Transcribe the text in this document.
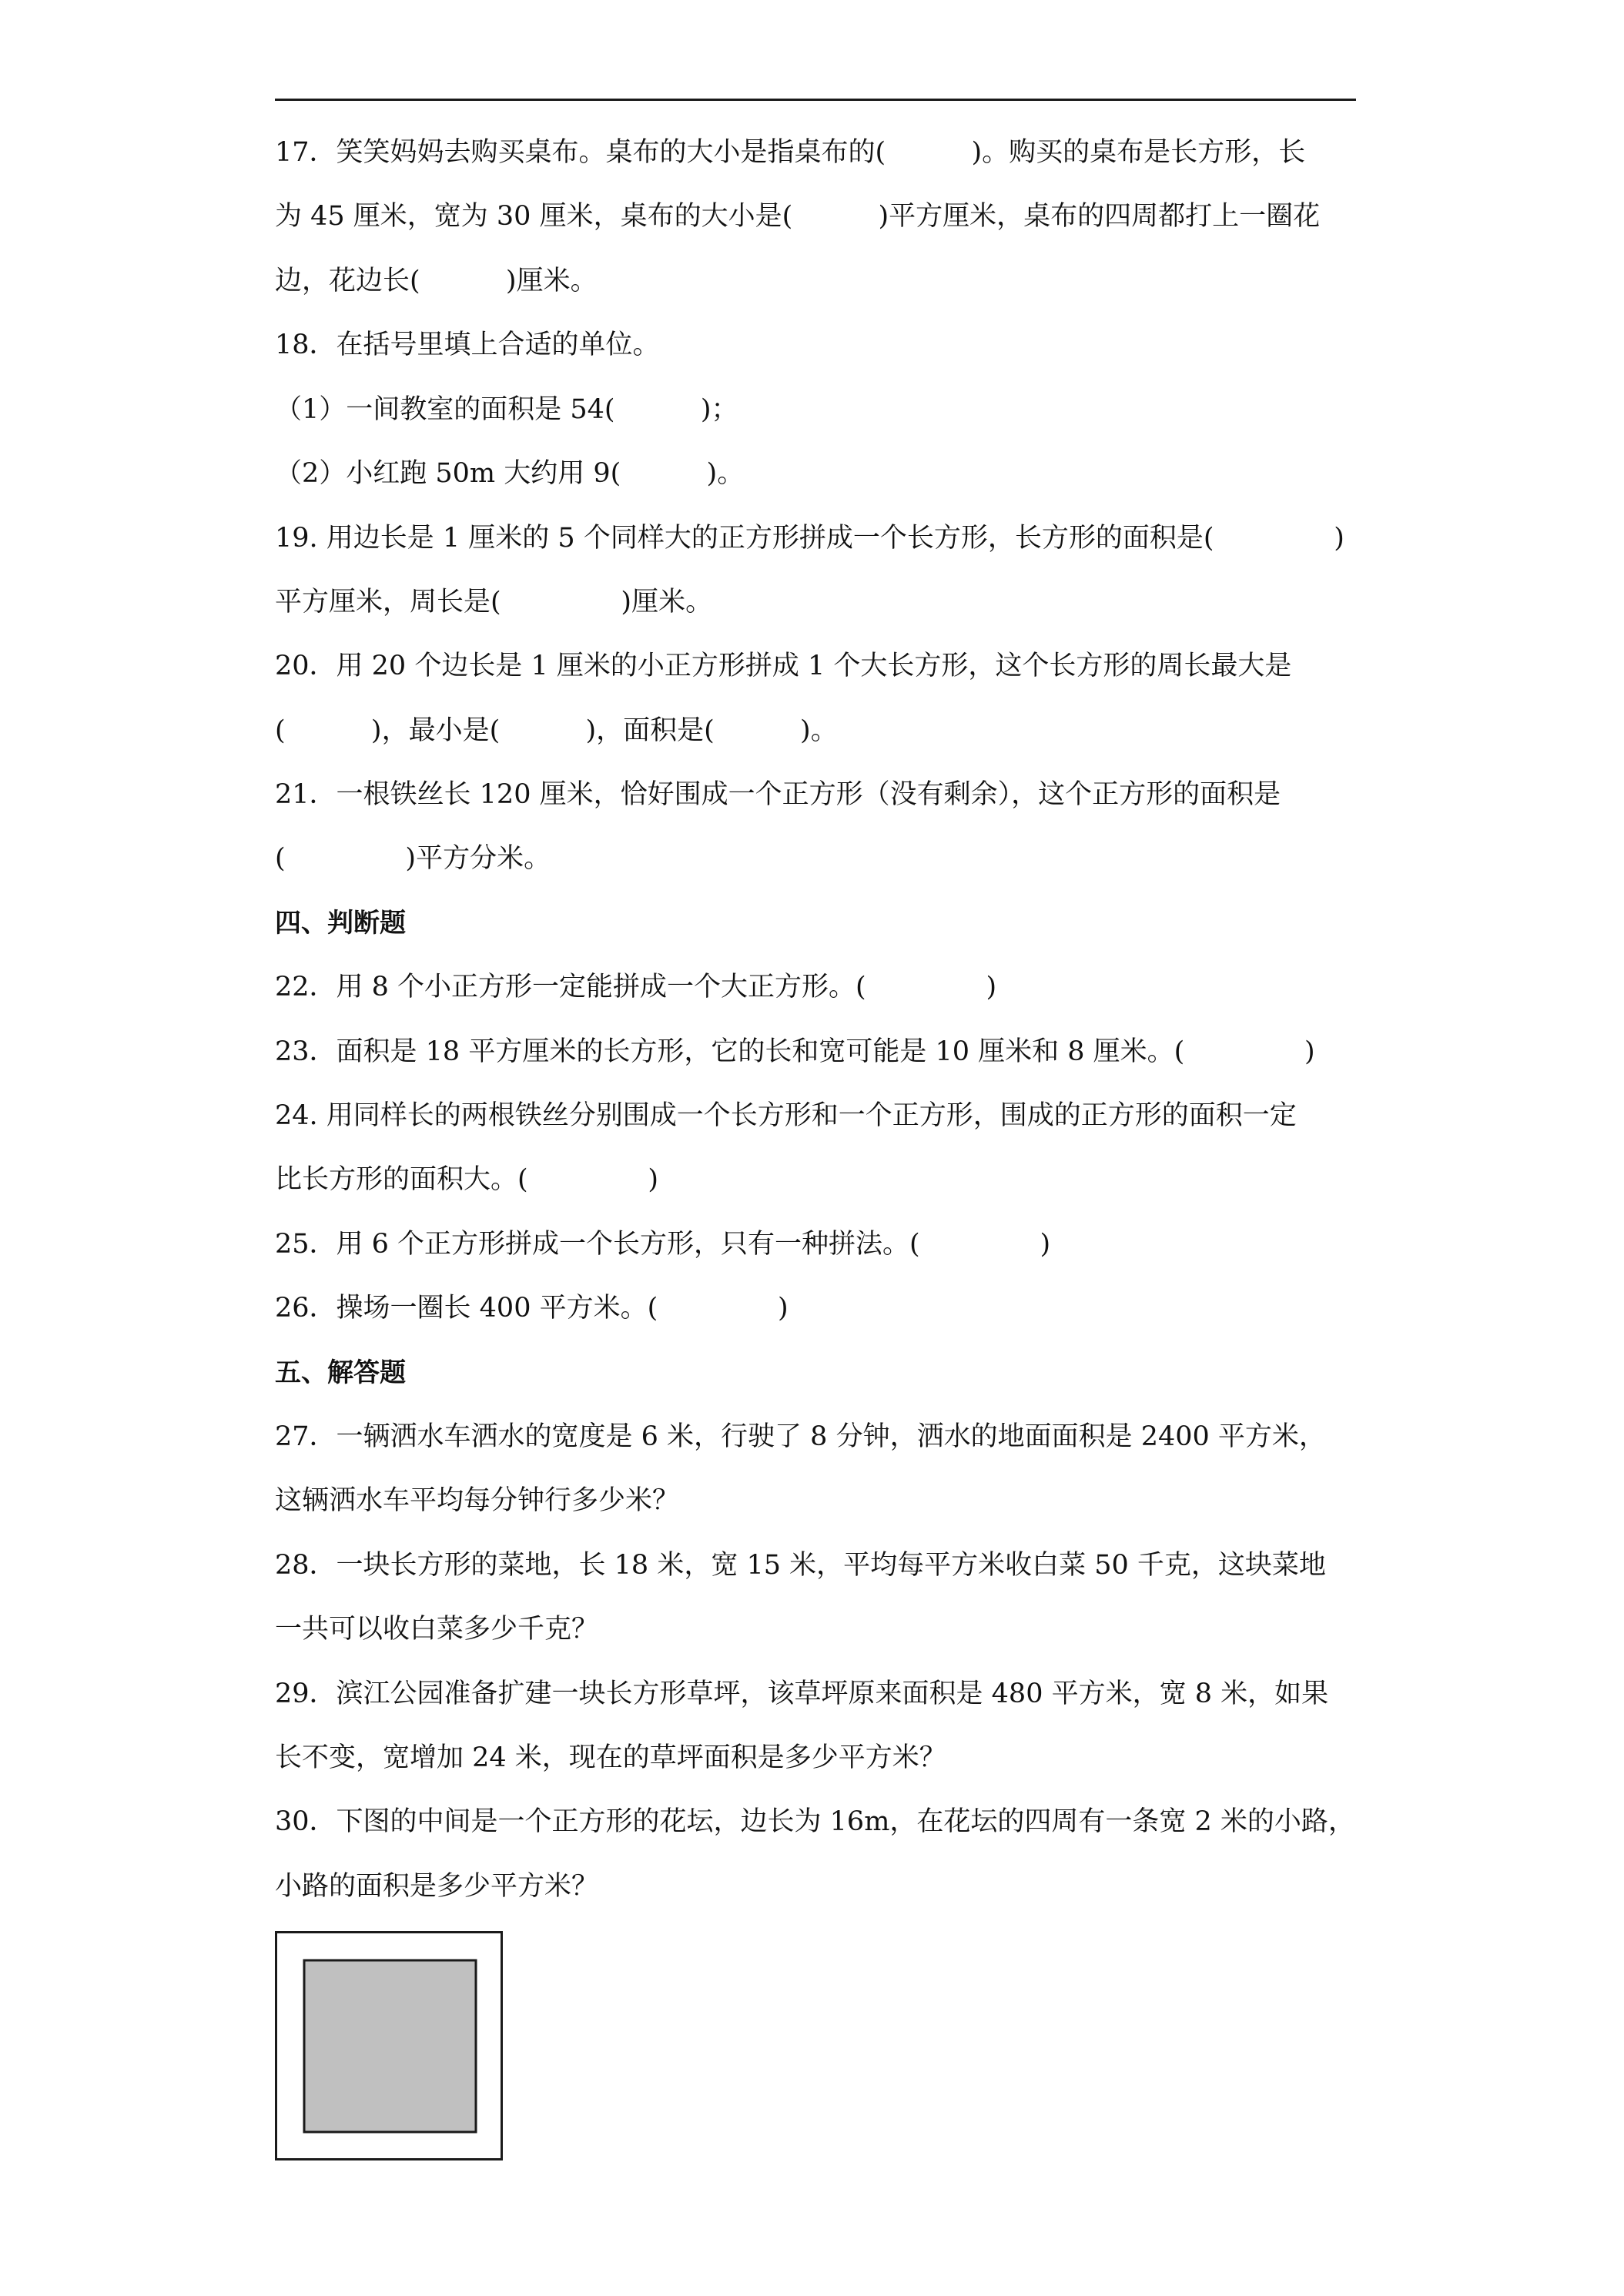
17．笑笑妈妈去购买桌布。桌布的大小是指桌布的(          )。购买的桌布是长方形，长

为 45 厘米，宽为 30 厘米，桌布的大小是(          )平方厘米，桌布的四周都打上一圈花

边，花边长(          )厘米。

18．在括号里填上合适的单位。

（1）一间教室的面积是 54(          )；

（2）小红跑 50m 大约用 9(          )。

19. 用边长是 1 厘米的 5 个同样大的正方形拼成一个长方形，长方形的面积是(              )

平方厘米，周长是(              )厘米。

20．用 20 个边长是 1 厘米的小正方形拼成 1 个大长方形，这个长方形的周长最大是

(          )，最小是(          )，面积是(          )。

21．一根铁丝长 120 厘米，恰好围成一个正方形（没有剩余），这个正方形的面积是

(              )平方分米。

四、判断题

22．用 8 个小正方形一定能拼成一个大正方形。(              )

23．面积是 18 平方厘米的长方形，它的长和宽可能是 10 厘米和 8 厘米。(              )

24. 用同样长的两根铁丝分别围成一个长方形和一个正方形，围成的正方形的面积一定

比长方形的面积大。(              )

25．用 6 个正方形拼成一个长方形，只有一种拼法。(              )

26．操场一圈长 400 平方米。(              )

五、解答题

27．一辆洒水车洒水的宽度是 6 米，行驶了 8 分钟，洒水的地面面积是 2400 平方米，

这辆洒水车平均每分钟行多少米？

28．一块长方形的菜地，长 18 米，宽 15 米，平均每平方米收白菜 50 千克，这块菜地

一共可以收白菜多少千克？

29．滨江公园准备扩建一块长方形草坪，该草坪原来面积是 480 平方米，宽 8 米，如果

长不变，宽增加 24 米，现在的草坪面积是多少平方米？

30．下图的中间是一个正方形的花坛，边长为 16m，在花坛的四周有一条宽 2 米的小路，

小路的面积是多少平方米？
